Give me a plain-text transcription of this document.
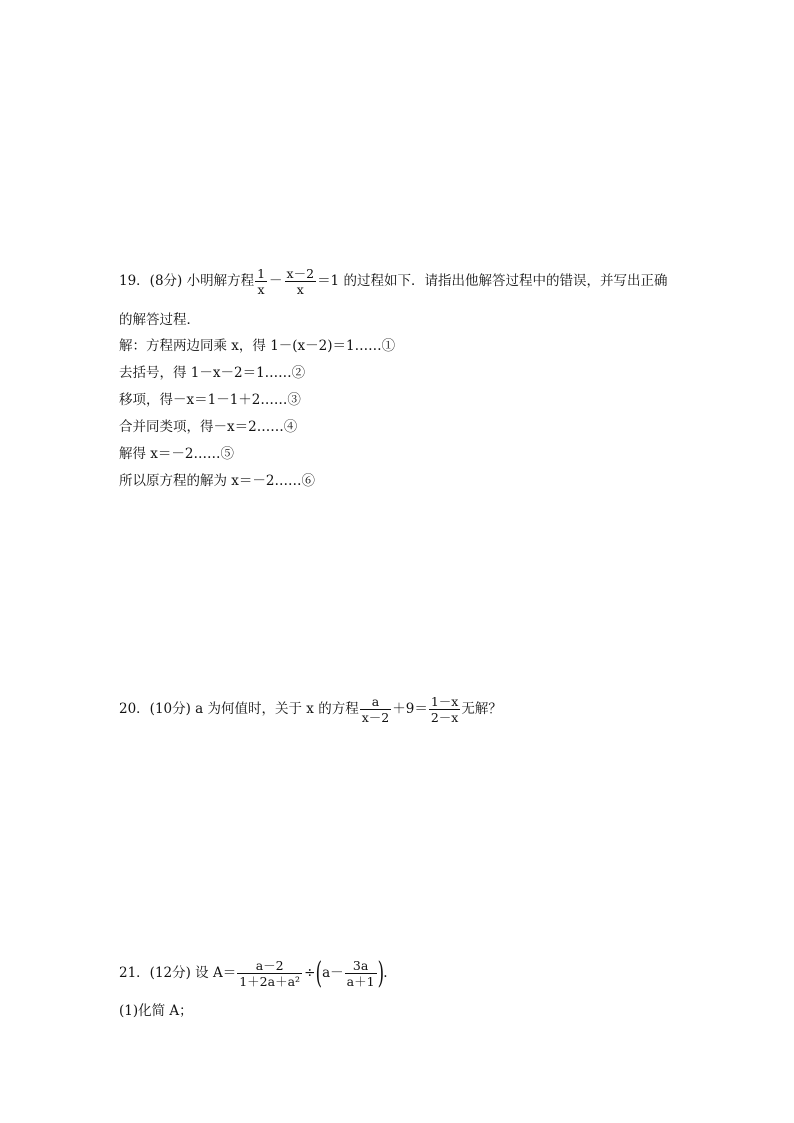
19．(8分) 小明解方程 $\frac{1}{x} - \frac{x-2}{x} =1$ 的过程如下．请指出他解答过程中的错误，并写出正确
的解答过程．
解：方程两边同乘 x，得 1－(x－2)＝1……①
去括号，得 1－x－2＝1……②
移项，得－x＝1－1＋2……③
合并同类项，得－x＝2……④
解得 x＝－2……⑤
所以原方程的解为 x＝－2……⑥
20．(10分) a 为何值时，关于 x 的方程 $\frac{a}{x-2} +9= \frac{1-x}{2-x}$ 无解？
21．(12分) 设 $A= \frac{a-2}{\text{1＋2a＋a²}} \div(a- \frac{3a}{a+1}$ ).
(1)化简 A；
